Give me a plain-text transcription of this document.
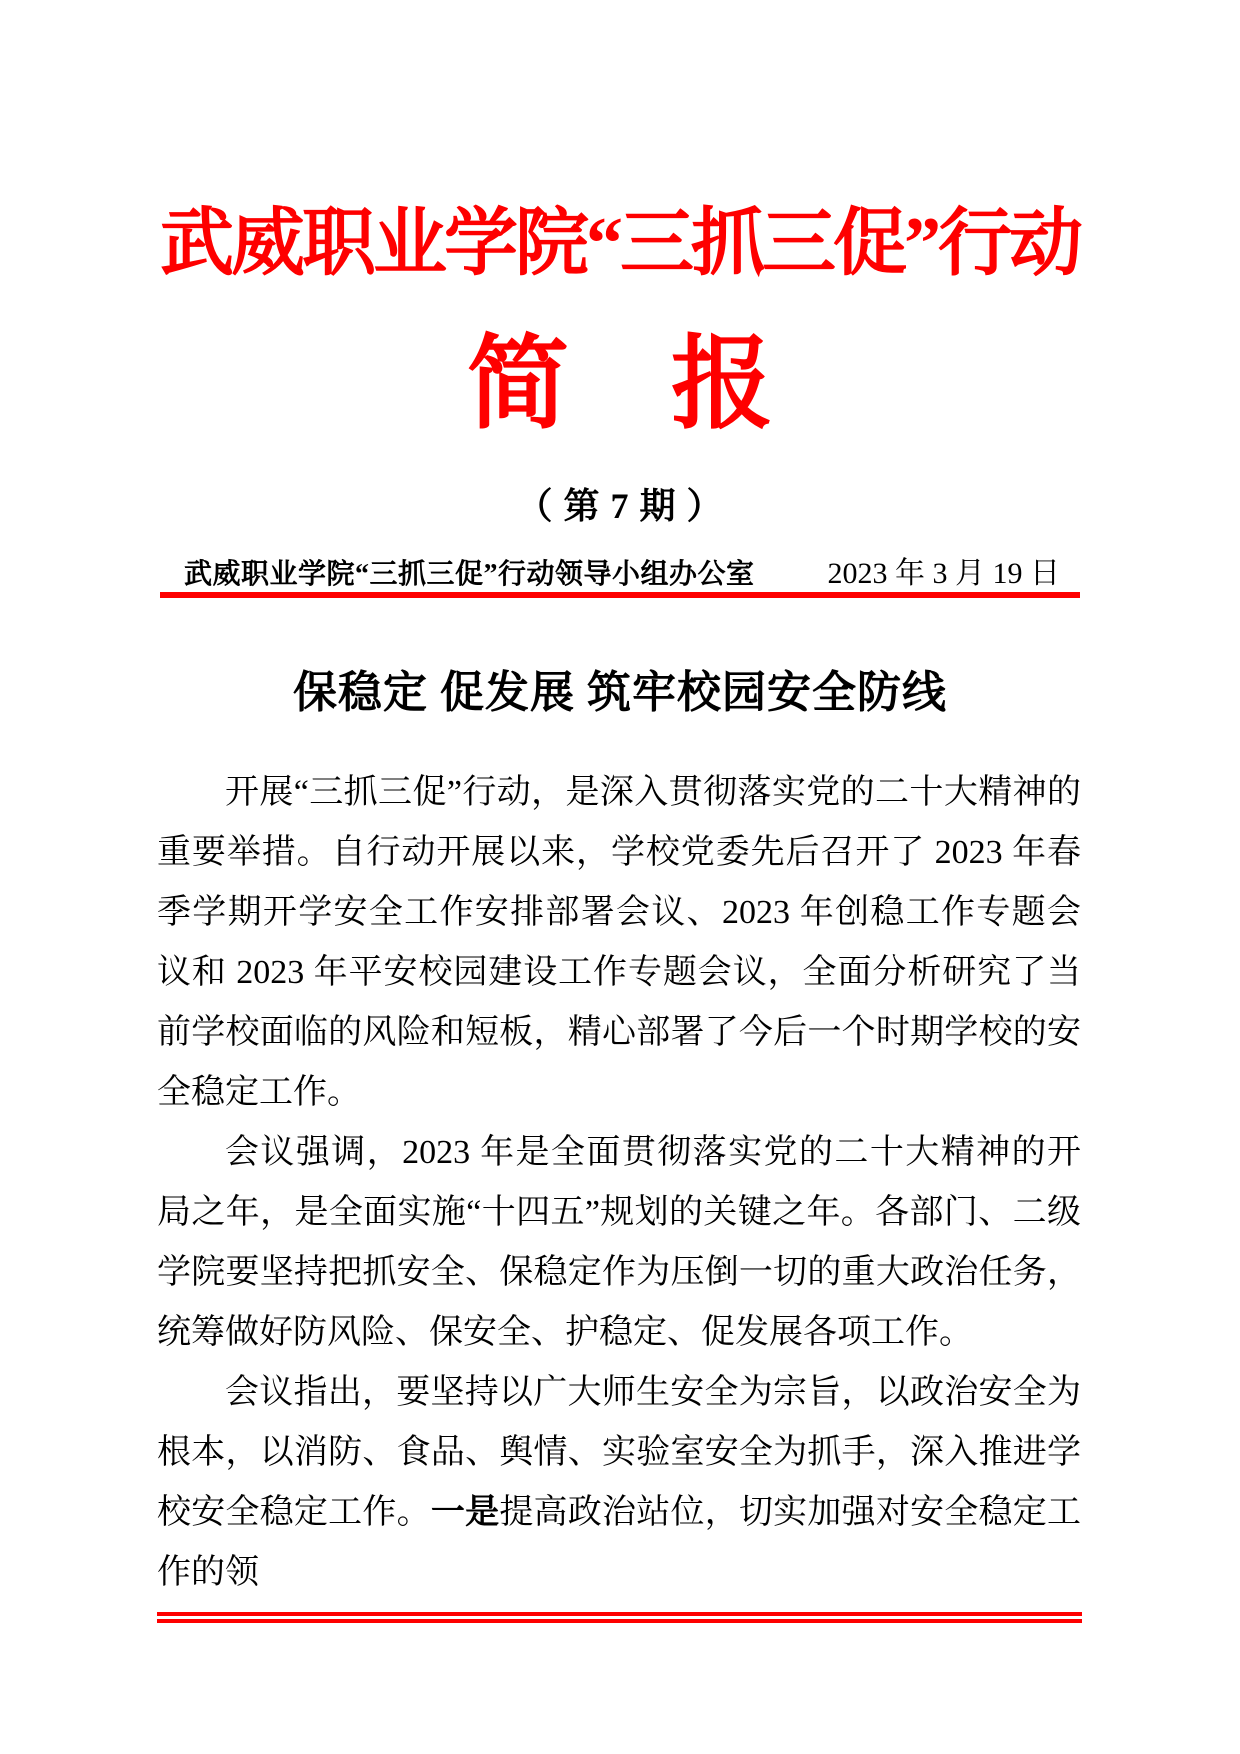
武威职业学院“三抓三促”行动
简　报
（ 第 7 期 ）
武威职业学院“三抓三促”行动领导小组办公室 2023 年 3 月 19 日
保稳定 促发展 筑牢校园安全防线

开展“三抓三促”行动，是深入贯彻落实党的二十大精神的重要举措。自行动开展以来，学校党委先后召开了 2023 年春季学期开学安全工作安排部署会议、2023 年创稳工作专题会议和 2023 年平安校园建设工作专题会议，全面分析研究了当前学校面临的风险和短板，精心部署了今后一个时期学校的安全稳定工作。

会议强调，2023 年是全面贯彻落实党的二十大精神的开局之年，是全面实施“十四五”规划的关键之年。各部门、二级学院要坚持把抓安全、保稳定作为压倒一切的重大政治任务，统筹做好防风险、保安全、护稳定、促发展各项工作。

会议指出，要坚持以广大师生安全为宗旨，以政治安全为根本，以消防、食品、舆情、实验室安全为抓手，深入推进学校安全稳定工作。一是提高政治站位，切实加强对安全稳定工作的领
